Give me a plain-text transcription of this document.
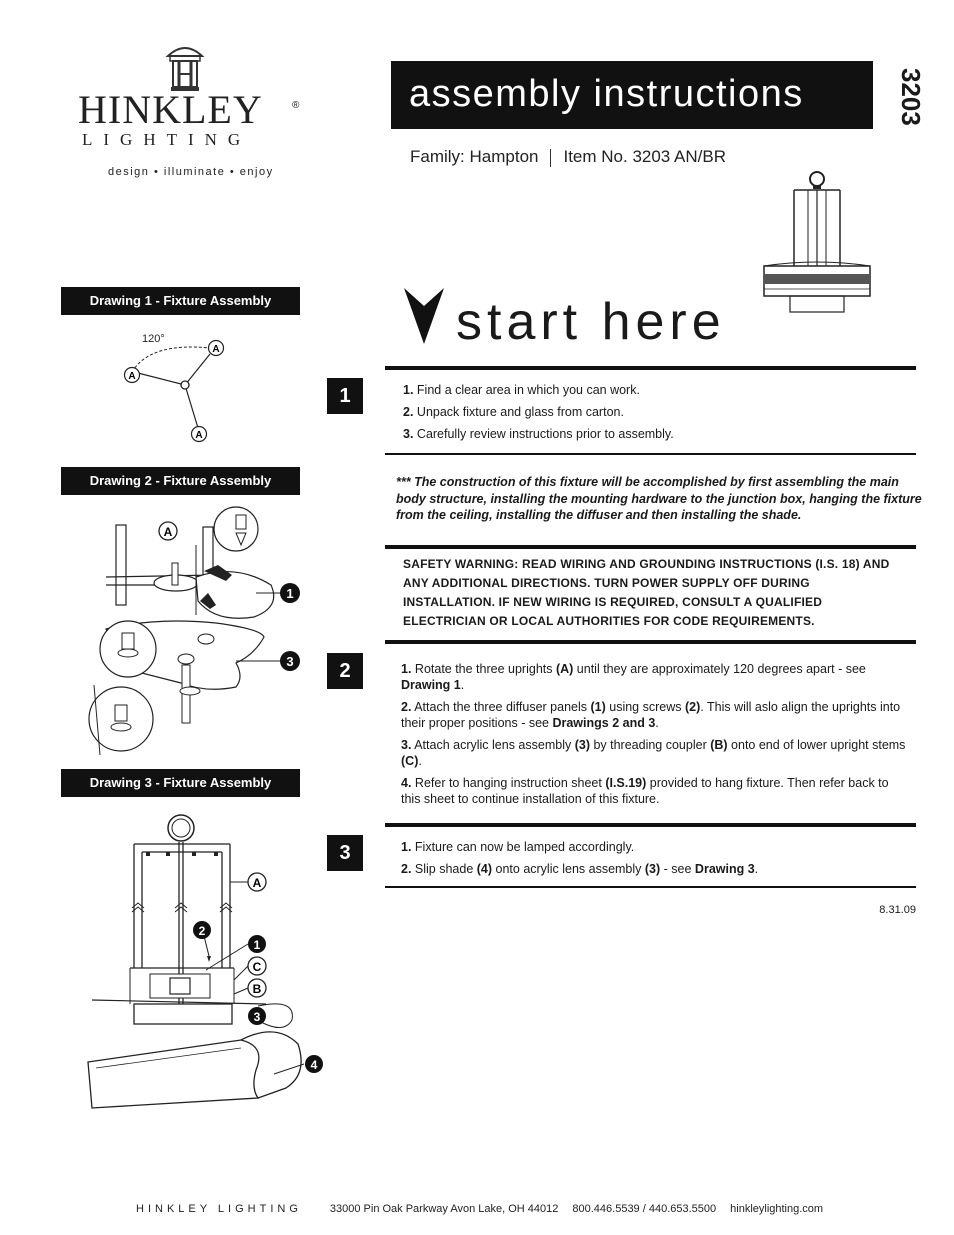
HINKLEY	®
LIGHTING
design • illuminate • enjoy
assembly instructions	3203
Family: Hampton Item No. 3203 AN/BR
start here
Drawing 1 - Fixture Assembly
120°
A
A
A
Drawing 2 - Fixture Assembly
A
1
3
Drawing 3 - Fixture Assembly
A
2
1
C
B
3
4
1	1. Find a clear area in which you can work.

2. Unpack fixture and glass from carton.

3. Carefully review instructions prior to assembly.

*** The construction of this fixture will be accomplished by first assembling the main body structure, installing the mounting hardware to the junction box, hanging the fixture from the ceiling, installing the diffuser and then installing the shade.
SAFETY WARNING: READ WIRING AND GROUNDING INSTRUCTIONS (I.S. 18) AND ANY ADDITIONAL DIRECTIONS. TURN POWER SUPPLY OFF DURING INSTALLATION. IF NEW WIRING IS REQUIRED, CONSULT A QUALIFIED ELECTRICIAN OR LOCAL AUTHORITIES FOR CODE REQUIREMENTS.
2	1. Rotate the three uprights (A) until they are approximately 120 degrees apart - see Drawing 1.

2. Attach the three diffuser panels (1) using screws (2). This will aslo align the uprights into their proper positions - see Drawings 2 and 3.

3. Attach acrylic lens assembly (3) by threading coupler (B) onto end of lower upright stems (C).

4. Refer to hanging instruction sheet (I.S.19) provided to hang fixture. Then refer back to this sheet to continue installation of this fixture.

3	1. Fixture can now be lamped accordingly.

2. Slip shade (4) onto acrylic lens assembly (3) - see Drawing 3.

8.31.09
HINKLEY LIGHTING	33000 Pin Oak Parkway Avon Lake, OH 44012 800.446.5539 / 440.653.5500 hinkleylighting.com
